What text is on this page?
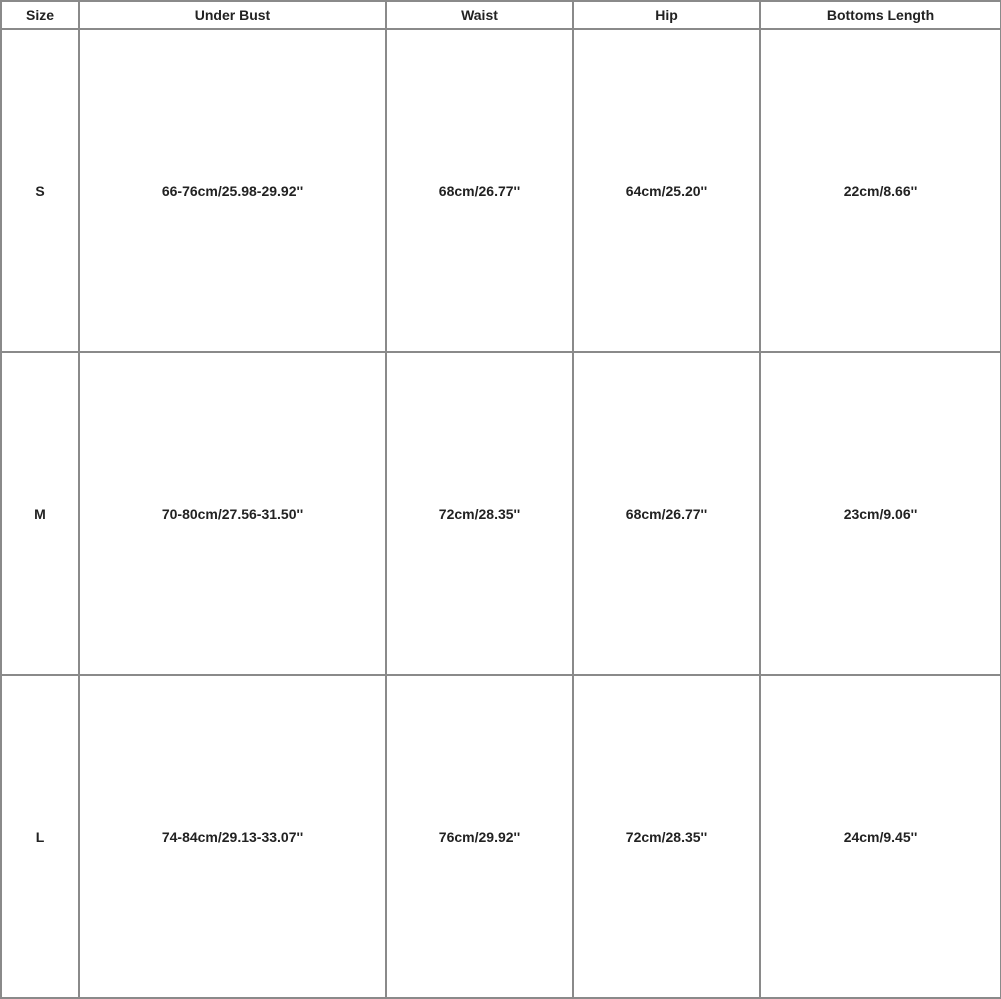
Size	Under Bust	Waist	Hip	Bottoms Length
S	66-76cm/25.98-29.92''	68cm/26.77''	64cm/25.20''	22cm/8.66''
M	70-80cm/27.56-31.50''	72cm/28.35''	68cm/26.77''	23cm/9.06''
L	74-84cm/29.13-33.07''	76cm/29.92''	72cm/28.35''	24cm/9.45''
